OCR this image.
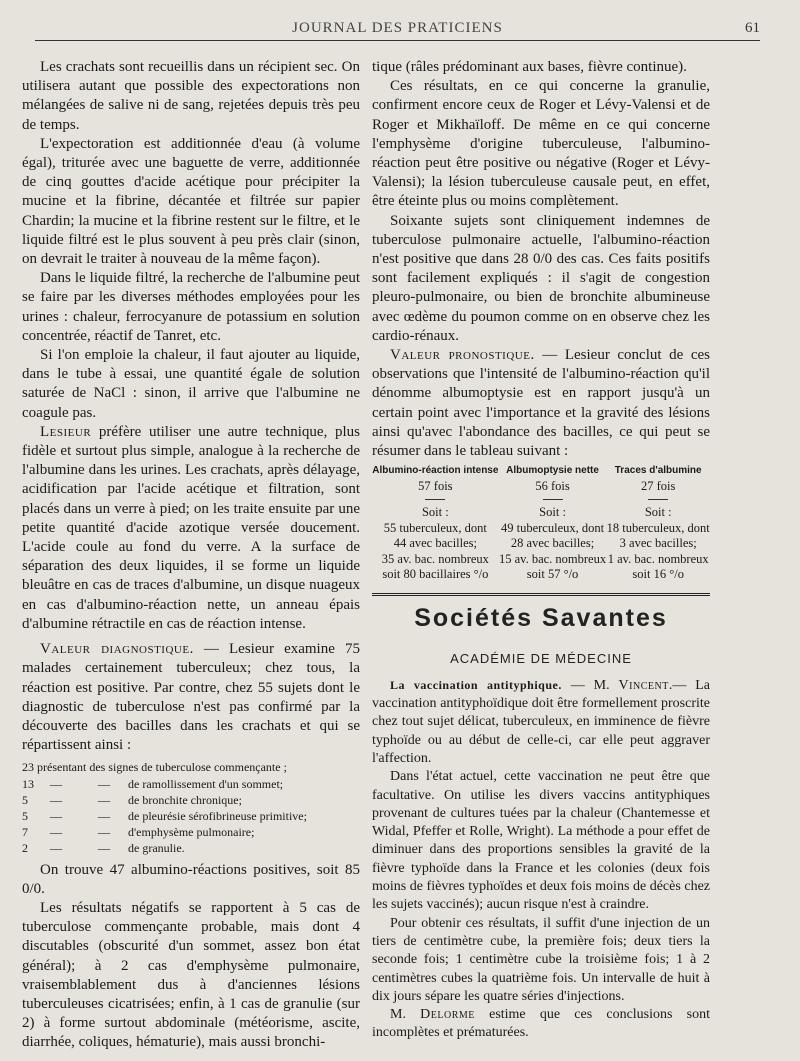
JOURNAL DES PRATICIENS	61

Les crachats sont recueillis dans un récipient sec. On utilisera autant que possible des expectorations non mélangées de salive ni de sang, rejetées depuis très peu de temps.

L'expectoration est additionnée d'eau (à volume égal), triturée avec une baguette de verre, additionnée de cinq gouttes d'acide acétique pour précipiter la mucine et la fibrine, décantée et filtrée sur papier Chardin; la mucine et la fibrine restent sur le filtre, et le liquide filtré est le plus souvent à peu près clair (sinon, on devrait le traiter à nouveau de la même façon).

Dans le liquide filtré, la recherche de l'albumine peut se faire par les diverses méthodes employées pour les urines : chaleur, ferrocyanure de potassium en solution concentrée, réactif de Tanret, etc.

Si l'on emploie la chaleur, il faut ajouter au liquide, dans le tube à essai, une quantité égale de solution saturée de NaCl : sinon, il arrive que l'albumine ne coagule pas.

Lesieur préfère utiliser une autre technique, plus fidèle et surtout plus simple, analogue à la recherche de l'albumine dans les urines. Les crachats, après délayage, acidification par l'acide acétique et filtration, sont placés dans un verre à pied; on les traite ensuite par une petite quantité d'acide azotique versée doucement. L'acide coule au fond du verre. A la surface de séparation des deux liquides, il se forme un liquide bleuâtre en cas de traces d'albumine, un disque nuageux en cas d'albumino-réaction nette, un anneau épais d'albumine rétractile en cas de réaction intense.

Valeur diagnostique. — Lesieur examine 75 malades certainement tuberculeux; chez tous, la réaction est positive. Par contre, chez 55 sujets dont le diagnostic de tuberculose n'est pas confirmé par la découverte des bacilles dans les crachats et qui se répartissent ainsi :

23 présentant des signes de tuberculose commençante ;
13	—	—	de ramollissement d'un sommet;
5	—	—	de bronchite chronique;
5	—	—	de pleurésie sérofibrineuse primitive;
7	—	—	d'emphysème pulmonaire;
2	—	—	de granulie.

On trouve 47 albumino-réactions positives, soit 85 0/0.

Les résultats négatifs se rapportent à 5 cas de tuberculose commençante probable, mais dont 4 discutables (obscurité d'un sommet, assez bon état général); à 2 cas d'emphysème pulmonaire, vraisemblablement dus à d'anciennes lésions tuberculeuses cicatrisées; enfin, à 1 cas de granulie (sur 2) à forme surtout abdominale (météorisme, ascite, diarrhée, coliques, hématurie), mais aussi bronchi-

tique (râles prédominant aux bases, fièvre continue).

Ces résultats, en ce qui concerne la granulie, confirment encore ceux de Roger et Lévy-Valensi et de Roger et Mikhaïloff. De même en ce qui concerne l'emphysème d'origine tuberculeuse, l'albumino-réaction peut être positive ou négative (Roger et Lévy-Valensi); la lésion tuberculeuse causale peut, en effet, être éteinte plus ou moins complètement.

Soixante sujets sont cliniquement indemnes de tuberculose pulmonaire actuelle, l'albumino-réaction n'est positive que dans 28 0/0 des cas. Ces faits positifs sont facilement expliqués : il s'agit de congestion pleuro-pulmonaire, ou bien de bronchite albumineuse avec œdème du poumon comme on en observe chez les cardio-rénaux.

Valeur pronostique. — Lesieur conclut de ces observations que l'intensité de l'albumino-réaction qu'il dénomme albumoptysie est en rapport jusqu'à un certain point avec l'importance et la gravité des lésions ainsi qu'avec l'abondance des bacilles, ce qui peut se résumer dans le tableau suivant :

Albumino-réaction intense	Albumoptysie nette	Traces d'albumine
57 fois	56 fois	27 fois

Soit :	Soit :	Soit :
55 tuberculeux, dont	49 tuberculeux, dont	18 tuberculeux, dont
44 avec bacilles;	28 avec bacilles;	3 avec bacilles;
35 av. bac. nombreux	15 av. bac. nombreux	1 av. bac. nombreux
soit 80 bacillaires °/o	soit 57 °/o	soit 16 °/o
Sociétés Savantes
ACADÉMIE DE MÉDECINE

La vaccination antityphique. — M. Vincent.— La vaccination antityphoïdique doit être formellement proscrite chez tout sujet délicat, tuberculeux, en imminence de fièvre typhoïde ou au début de celle-ci, car elle peut aggraver l'affection.

Dans l'état actuel, cette vaccination ne peut être que facultative. On utilise les divers vaccins antityphiques provenant de cultures tuées par la chaleur (Chantemesse et Widal, Pfeffer et Rolle, Wright). La méthode a pour effet de diminuer dans des proportions sensibles la gravité de la fièvre typhoïde dans la France et les colonies (deux fois moins de fièvres typhoïdes et deux fois moins de décès chez les sujets vaccinés); aucun risque n'est à craindre.

Pour obtenir ces résultats, il suffit d'une injection de un tiers de centimètre cube, la première fois; deux tiers la seconde fois; 1 centimètre cube la troisième fois; 1 à 2 centimètres cubes la quatrième fois. Un intervalle de huit à dix jours sépare les quatre séries d'injections.

M. Delorme estime que ces conclusions sont incomplètes et prématurées.
